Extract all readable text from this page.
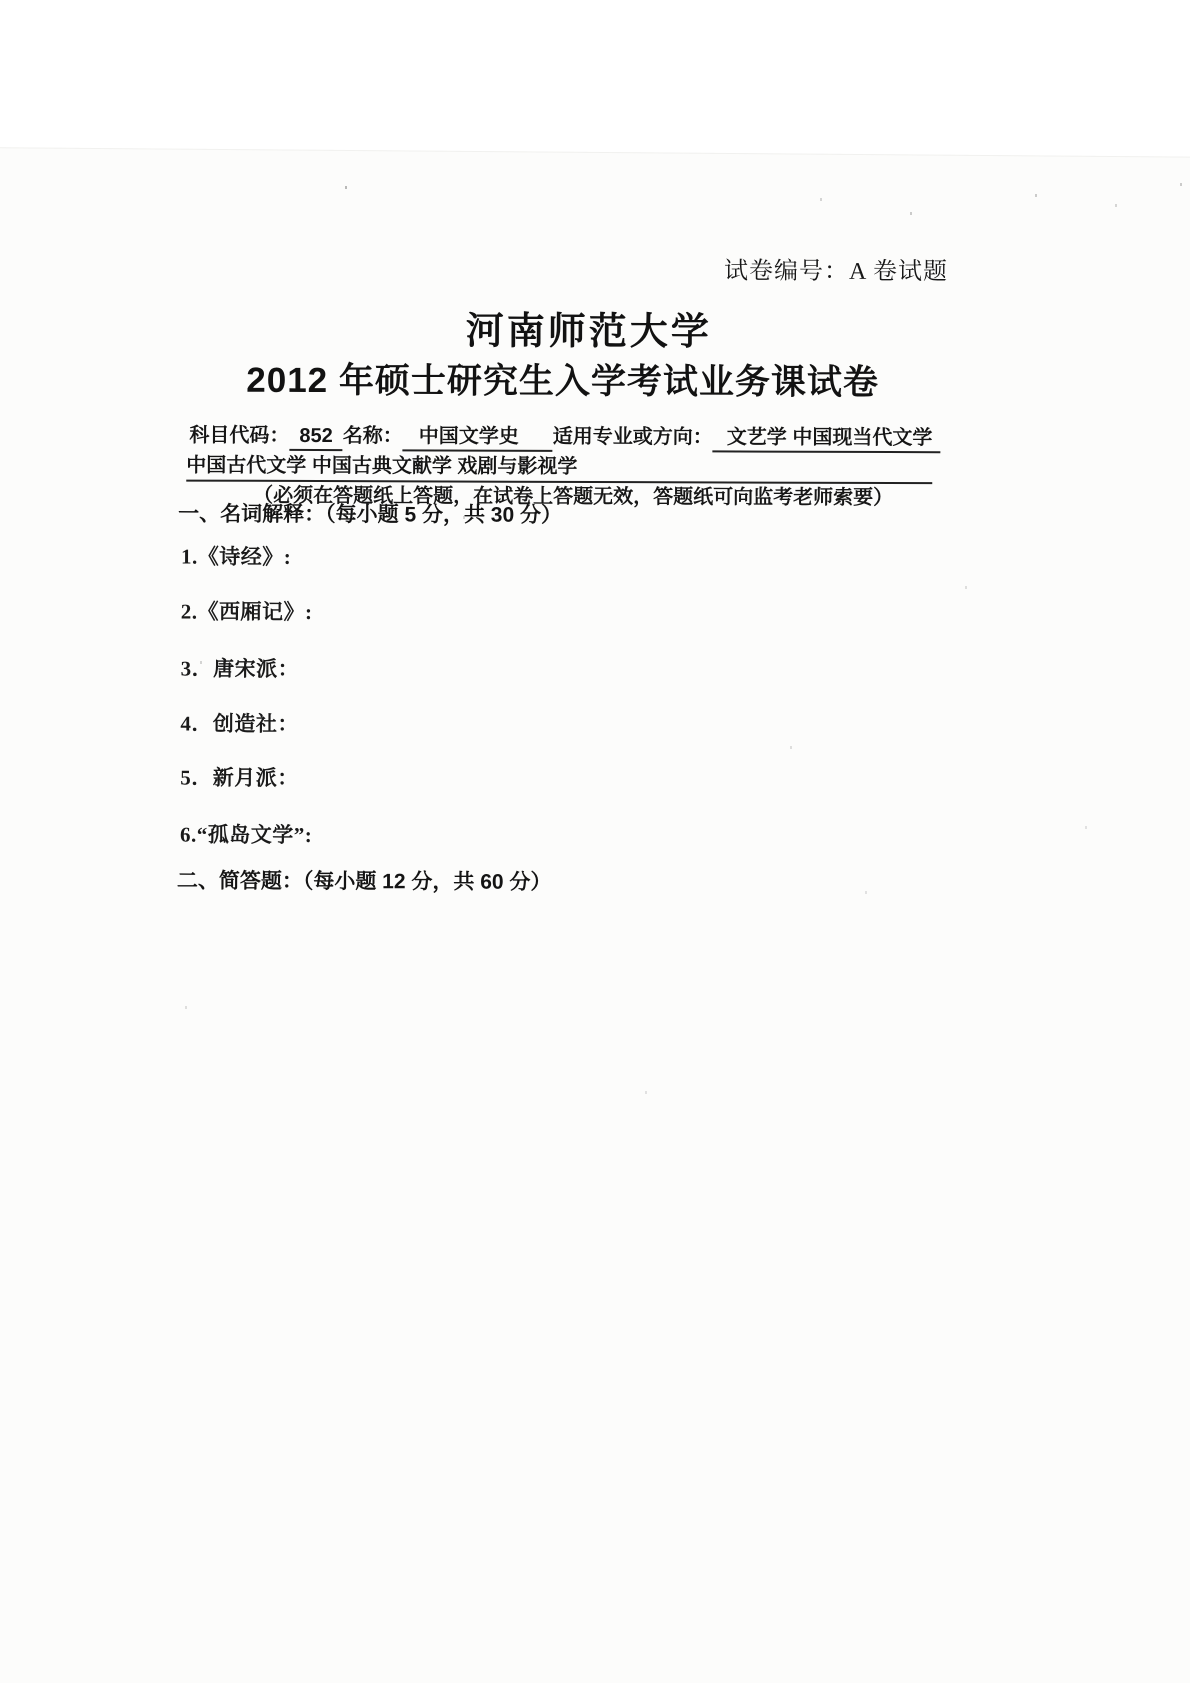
试卷编号：A 卷试题
河南师范大学
2012 年硕士研究生入学考试业务课试卷
科目代码： 852 名称： 中国文学史	适用专业或方向： 文艺学 中国现当代文学
中国古代文学 中国古典文献学 戏剧与影视学
（必须在答题纸上答题，在试卷上答题无效，答题纸可向监考老师索要）
一、名词解释：（每小题 5 分，共 30 分）
1.《诗经》:
2.《西厢记》:
3．唐宋派：
4．创造社：
5．新月派：
6.“孤岛文学”:
二、简答题：（每小题 12 分，共 60 分）
